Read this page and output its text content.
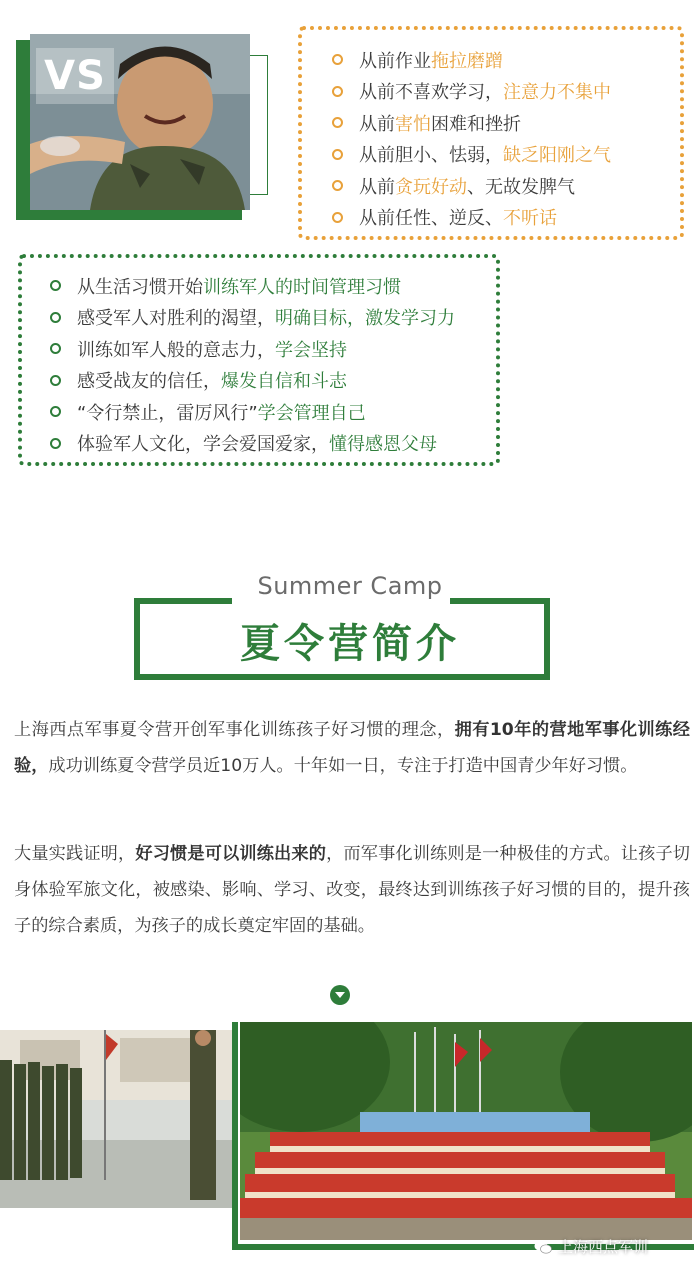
VS	从前作业 拖拉磨蹭
从前不喜欢学习， 注意力不集中
从前 害怕 困难和挫折
从前胆小、怯弱， 缺乏阳刚之气
从前 贪玩好动 、无故发脾气
从前任性、逆反、 不听话
从生活习惯开始 训练军人的时间管理习惯
感受军人对胜利的渴望， 明确目标，激发学习力
训练如军人般的意志力， 学会坚持
感受战友的信任， 爆发自信和斗志
“令行禁止，雷厉风行” 学会管理自己
体验军人文化，学会爱国爱家， 懂得感恩父母
Summer Camp
夏令营简介
上海西点军事夏令营开创军事化训练孩子好习惯的理念，拥有10年的营地军事化训练经验，成功训练夏令营学员近10万人。十年如一日，专注于打造中国青少年好习惯。
大量实践证明，好习惯是可以训练出来的，而军事化训练则是一种极佳的方式。让孩子切身体验军旅文化，被感染、影响、学习、改变，最终达到训练孩子好习惯的目的，提升孩子的综合素质，为孩子的成长奠定牢固的基础。
上海西点军训
